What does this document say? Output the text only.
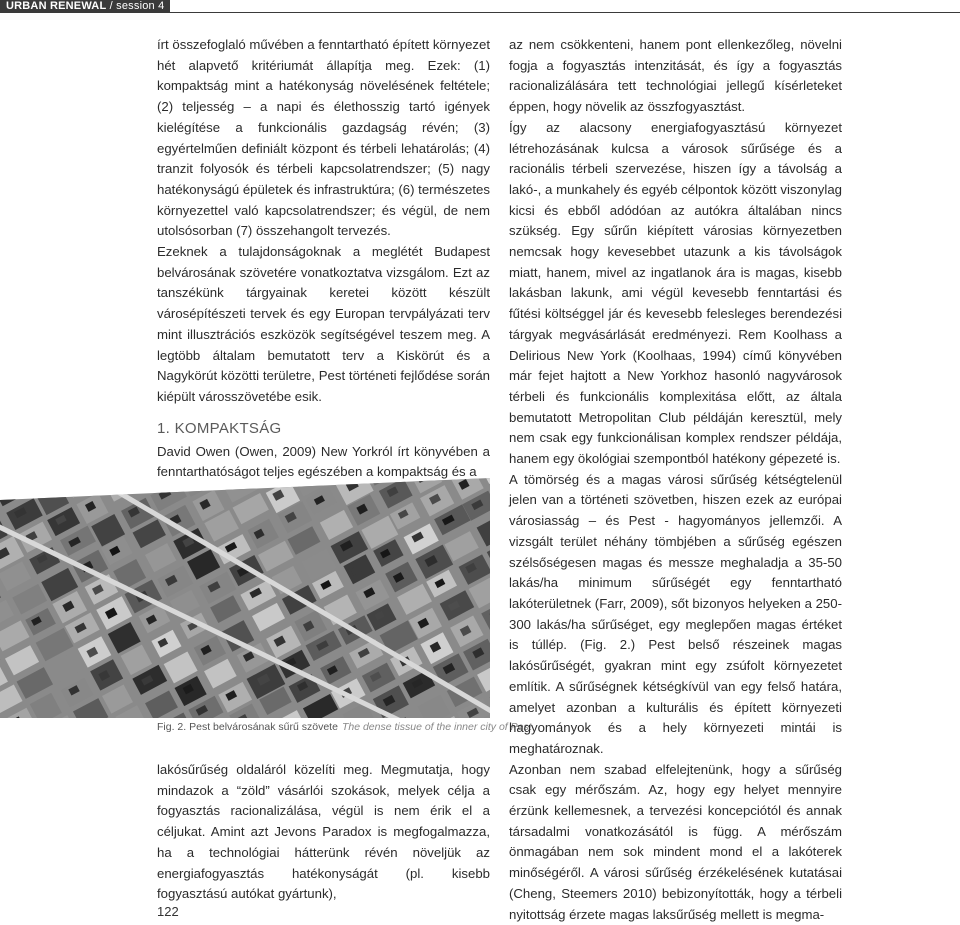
URBAN RENEWAL / session 4

írt összefoglaló művében a fenntartható épített környezet hét alapvető kritériumát állapítja meg. Ezek: (1) kompaktság mint a hatékonyság növelésének feltétele; (2) teljesség – a napi és élethosszig tartó igények kielégítése a funkcionális gazdagság révén; (3) egyértelműen definiált központ és térbeli lehatárolás; (4) tranzit folyosók és térbeli kapcsolatrendszer; (5) nagy hatékonyságú épületek és infrastruktúra; (6) természetes környezettel való kapcsolatrendszer; és végül, de nem utolsósorban (7) összehangolt tervezés.

Ezeknek a tulajdonságoknak a meglétét Budapest belvárosának szövetére vonatkoztatva vizsgálom. Ezt az tanszékünk tárgyainak keretei között készült városépítészeti tervek és egy Europan tervpályázati terv mint illusztrációs eszközök segítségével teszem meg. A legtöbb általam bemutatott terv a Kiskörút és a Nagykörút közötti területre, Pest történeti fejlődése során kiépült városszövetébe esik.

1. KOMPAKTSÁG

David Owen (Owen, 2009) New Yorkról írt könyvében a fenntarthatóságot teljes egészében a kompaktság és a

Fig. 2. Pest belvárosának sűrű szövete The dense tissue of the inner city of Pest

lakósűrűség oldaláról közelíti meg. Megmutatja, hogy mindazok a “zöld” vásárlói szokások, melyek célja a fogyasztás racionalizálása, végül is nem érik el a céljukat. Amint azt Jevons Paradox is megfogalmazza, ha a technológiai hátterünk révén növeljük az energiafogyasztás hatékonyságát (pl. kisebb fogyasztású autókat gyártunk),

az nem csökkenteni, hanem pont ellenkezőleg, növelni fogja a fogyasztás intenzitását, és így a fogyasztás racionalizálására tett technológiai jellegű kísérleteket éppen, hogy növelik az összfogyasztást.

Így az alacsony energiafogyasztású környezet létrehozásának kulcsa a városok sűrűsége és a racionális térbeli szervezése, hiszen így a távolság a lakó-, a munkahely és egyéb célpontok között viszonylag kicsi és ebből adódóan az autókra általában nincs szükség. Egy sűrűn kiépített városias környezetben nemcsak hogy kevesebbet utazunk a kis távolságok miatt, hanem, mivel az ingatlanok ára is magas, kisebb lakásban lakunk, ami végül kevesebb fenntartási és fűtési költséggel jár és kevesebb felesleges berendezési tárgyak megvásárlását eredményezi. Rem Koolhass a Delirious New York (Koolhaas, 1994) című könyvében már fejet hajtott a New Yorkhoz hasonló nagyvárosok térbeli és funkcionális komplexitása előtt, az általa bemutatott Metropolitan Club példáján keresztül, mely nem csak egy funkcionálisan komplex rendszer példája, hanem egy ökológiai szempontból hatékony gépezeté is.

A tömörség és a magas városi sűrűség kétségtelenül jelen van a történeti szövetben, hiszen ezek az európai városiasság – és Pest - hagyományos jellemzői. A vizsgált terület néhány tömbjében a sűrűség egészen szélsőségesen magas és messze meghaladja a 35-50 lakás/ha minimum sűrűségét egy fenntartható lakóterületnek (Farr, 2009), sőt bizonyos helyeken a 250-300 lakás/ha sűrűséget, egy meglepően magas értéket is túllép. (Fig. 2.) Pest belső részeinek magas lakósűrűségét, gyakran mint egy zsúfolt környezetet említik. A sűrűségnek kétségkívül van egy felső határa, amelyet azonban a kulturális és épített környezeti hagyományok és a hely környezeti mintái is meghatároznak.

Azonban nem szabad elfelejtenünk, hogy a sűrűség csak egy mérőszám. Az, hogy egy helyet mennyire érzünk kellemesnek, a tervezési koncepciótól és annak társadalmi vonatkozásától is függ. A mérőszám önmagában nem sok mindent mond el a lakóterek minőségéről. A városi sűrűség érzékelésének kutatásai (Cheng, Steemers 2010) bebizonyították, hogy a térbeli nyitottság érzete magas laksűrűség mellett is megma-

122
